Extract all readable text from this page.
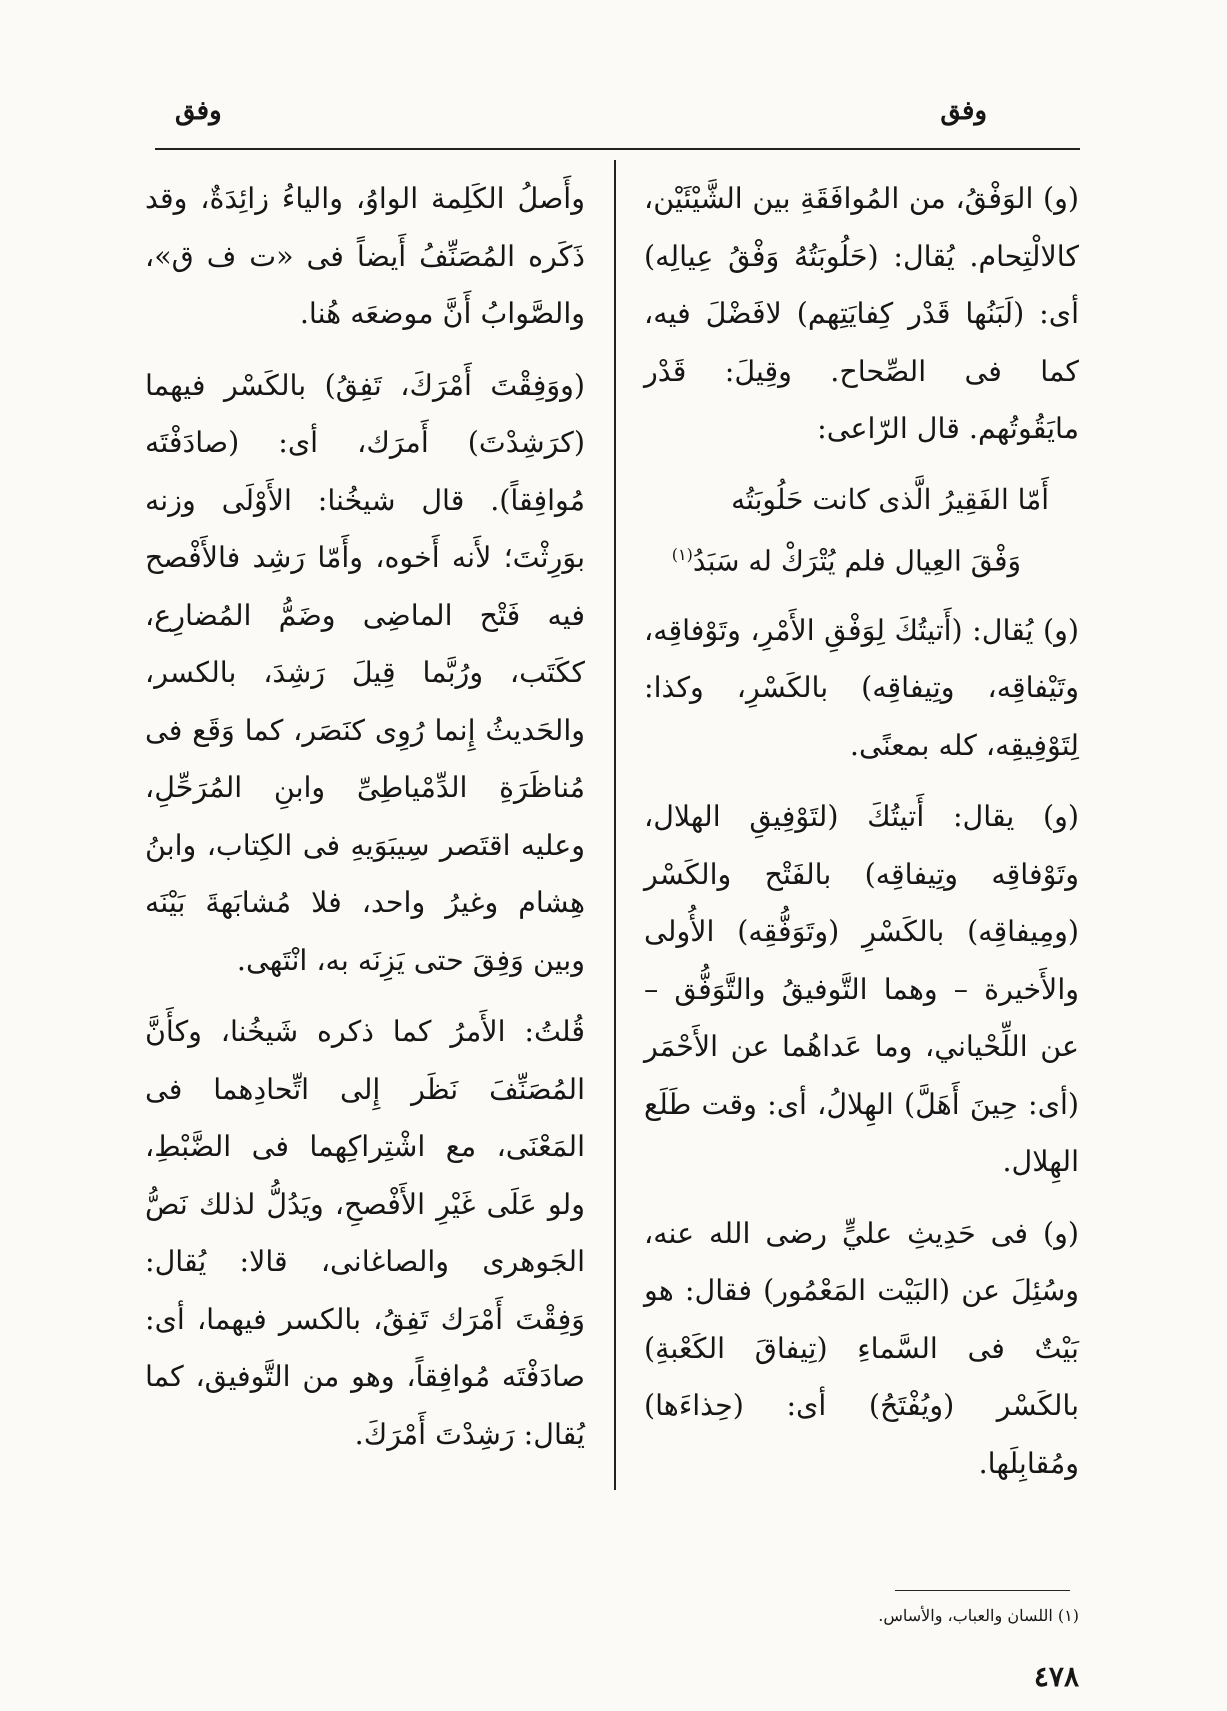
وفق
وفق

(و) الوَفْقُ، من المُوافَقَةِ بين الشَّيْئَيْن، كالالْتِحام. يُقال: (حَلُوبَتُهُ وَفْقُ عِيالِه) أى: (لَبَنُها قَدْر كِفايَتِهم) لافَضْلَ فيه، كما فى الصِّحاح. وقِيلَ: قَدْر مايَقُوتُهم. قال الرّاعى:

أَمّا الفَقِيرُ الَّذى كانت حَلُوبَتُه
وَفْقَ العِيال فلم يُتْرَكْ له سَبَدُ$^{(١)}$

(و) يُقال: (أَتيتُكَ لِوَفْقِ الأَمْرِ، وتَوْفاقِه، وتَيْفاقِه، وتِيفاقِه) بالكَسْرِ، وكذا: لِتَوْفِيقِه، كله بمعنًى.

(و) يقال: أَتيتُكَ (لتَوْفِيقِ الهلال، وتَوْفاقِه وتِيفاقِه) بالفَتْح والكَسْر (ومِيفاقِه) بالكَسْرِ (وتَوَفُّقِه) الأُولى والأَخيرة – وهما التَّوفيقُ والتَّوَفُّق – عن اللِّحْياني، وما عَداهُما عن الأَحْمَر (أى: حِينَ أَهَلَّ) الهِلالُ، أى: وقت طَلَع الهِلال.

(و) فى حَدِيثِ عليٍّ رضى الله عنه، وسُئِلَ عن (البَيْت المَعْمُور) فقال: هو بَيْتٌ فى السَّماءِ (تِيفاقَ الكَعْبةِ) بالكَسْر (ويُفْتَحُ) أى: (حِذاءَها) ومُقابِلَها.

وأَصلُ الكَلِمة الواوُ، والياءُ زائِدَةٌ، وقد ذَكَره المُصَنِّفُ أَيضاً فى «ت ف ق»، والصَّوابُ أَنَّ موضعَه هُنا.

(ووَفِقْتَ أَمْرَكَ، تَفِقُ) بالكَسْر فيهما (كرَشِدْتَ) أَمرَك، أى: (صادَفْتَه مُوافِقاً). قال شيخُنا: الأَوْلَى وزنه بوَرِثْتَ؛ لأَنه أَخوه، وأَمّا رَشِد فالأَفْصح فيه فَتْح الماضِى وضَمُّ المُضارِع، ككَتَب، ورُبَّما قِيلَ رَشِدَ، بالكسر، والحَديثُ إِنما رُوِى كنَصَر، كما وَقَع فى مُناظَرَةِ الدِّمْياطِىِّ وابنِ المُرَحِّلِ، وعليه اقتَصر سِيبَوَيهِ فى الكِتاب، وابنُ هِشام وغيرُ واحد، فلا مُشابَهةَ بَيْنَه وبين وَفِقَ حتى يَزِنَه به، انْتَهى.

قُلتُ: الأَمرُ كما ذكره شَيخُنا، وكأَنَّ المُصَنِّفَ نَظَر إِلى اتِّحادِهما فى المَعْنَى، مع اشْتِراكِهما فى الضَّبْطِ، ولو عَلَى غَيْرِ الأَفْصحِ، ويَدُلُّ لذلك نَصُّ الجَوهرى والصاغانى، قالا: يُقال: وَفِقْتَ أَمْرَك تَفِقُ، بالكسر فيهما، أى: صادَفْتَه مُوافِقاً، وهو من التَّوفيق، كما يُقال: رَشِدْتَ أَمْرَكَ.

(١) اللسان والعباب، والأساس.
٤٧٨
